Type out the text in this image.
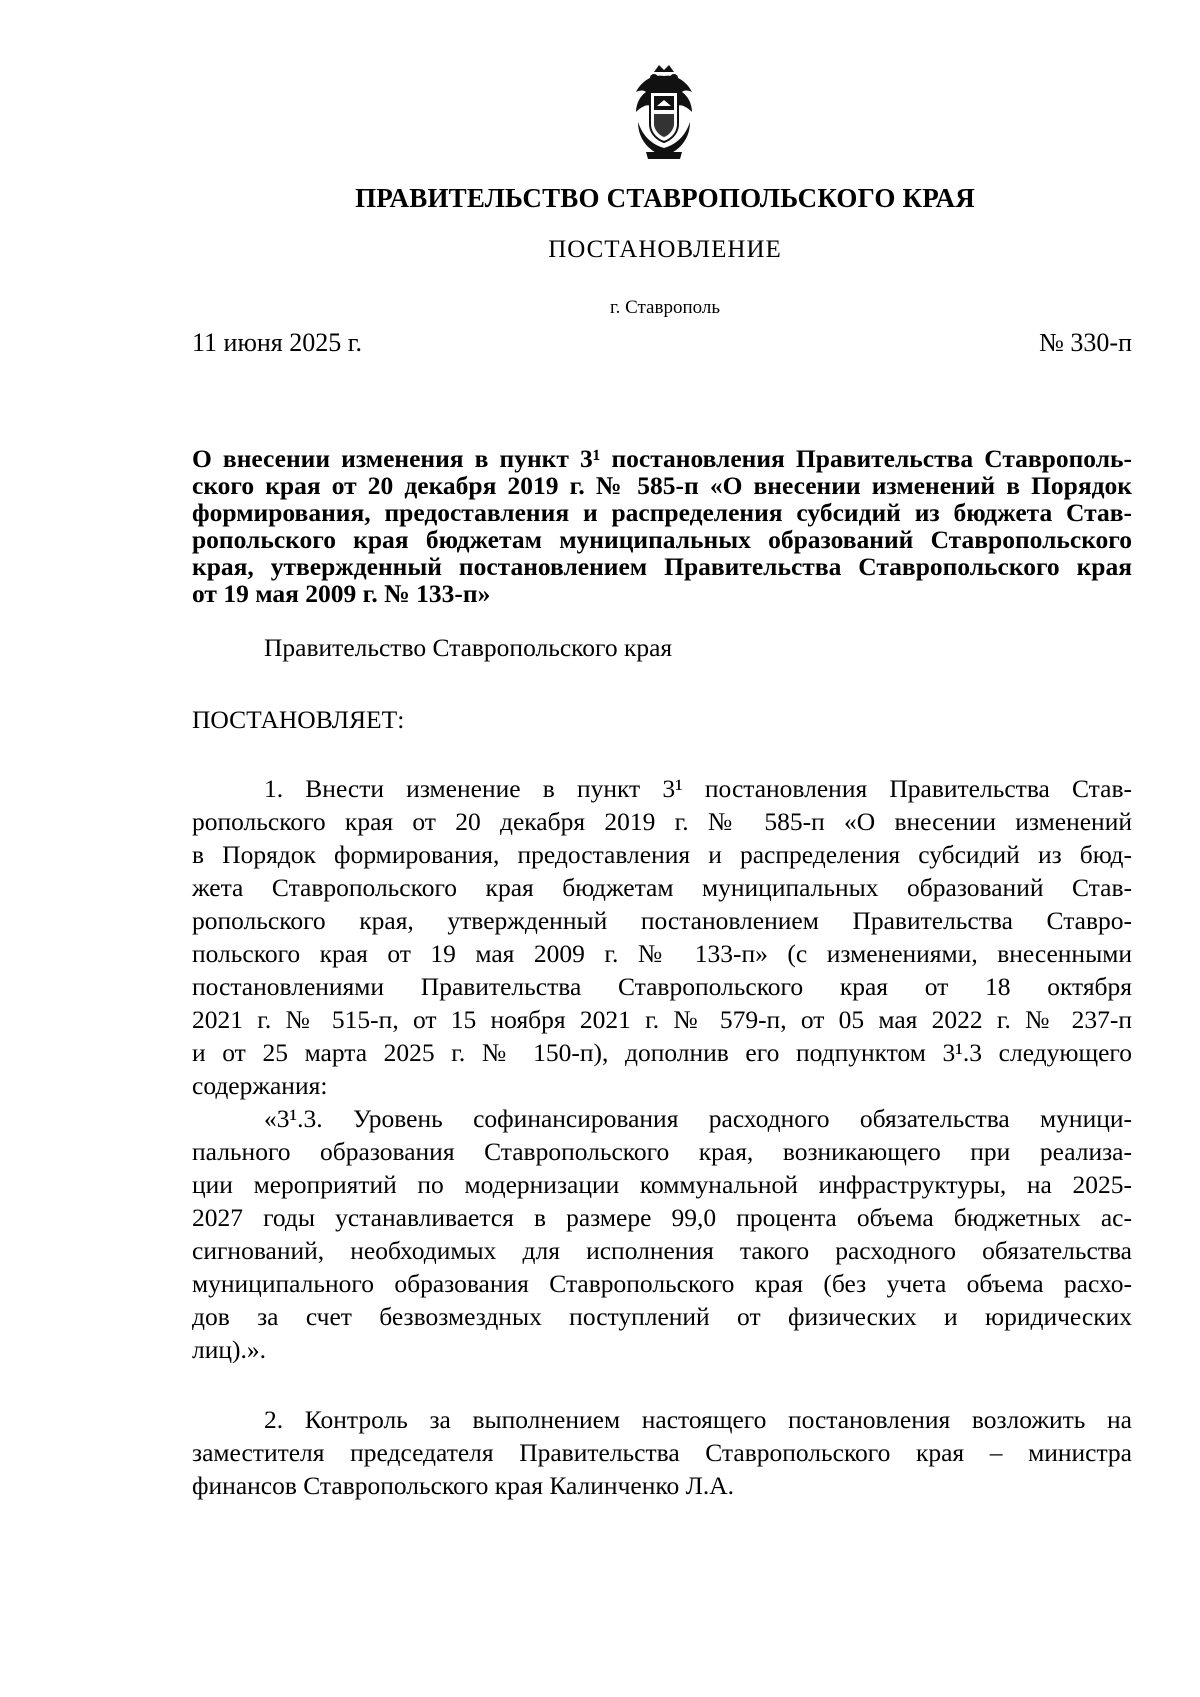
ПРАВИТЕЛЬСТВО СТАВРОПОЛЬСКОГО КРАЯ
ПОСТАНОВЛЕНИЕ
г. Ставрополь
11 июня 2025 г.	№ 330-п
О внесении изменения в пункт 3¹ постановления Правительства Ставрополь-
ского края от 20 декабря 2019 г. № 585-п «О внесении изменений в Порядок
формирования, предоставления и распределения субсидий из бюджета Став-
ропольского края бюджетам муниципальных образований Ставропольского
края, утвержденный постановлением Правительства Ставропольского края
от 19 мая 2009 г. № 133-п»
Правительство Ставропольского края
ПОСТАНОВЛЯЕТ:
1. Внести изменение в пункт 3¹ постановления Правительства Став-
ропольского края от 20 декабря 2019 г. № 585-п «О внесении изменений
в Порядок формирования, предоставления и распределения субсидий из бюд-
жета Ставропольского края бюджетам муниципальных образований Став-
ропольского края, утвержденный постановлением Правительства Ставро-
польского края от 19 мая 2009 г. № 133-п» (с изменениями, внесенными
постановлениями Правительства Ставропольского края от 18 октября
2021 г. № 515-п, от 15 ноября 2021 г. № 579-п, от 05 мая 2022 г. № 237-п
и от 25 марта 2025 г. № 150-п), дополнив его подпунктом 3¹.3 следующего
содержания:
«3¹.3. Уровень софинансирования расходного обязательства муници-
пального образования Ставропольского края, возникающего при реализа-
ции мероприятий по модернизации коммунальной инфраструктуры, на 2025-
2027 годы устанавливается в размере 99,0 процента объема бюджетных ас-
сигнований, необходимых для исполнения такого расходного обязательства
муниципального образования Ставропольского края (без учета объема расхо-
дов за счет безвозмездных поступлений от физических и юридических
лиц).».
2. Контроль за выполнением настоящего постановления возложить на
заместителя председателя Правительства Ставропольского края – министра
финансов Ставропольского края Калинченко Л.А.
